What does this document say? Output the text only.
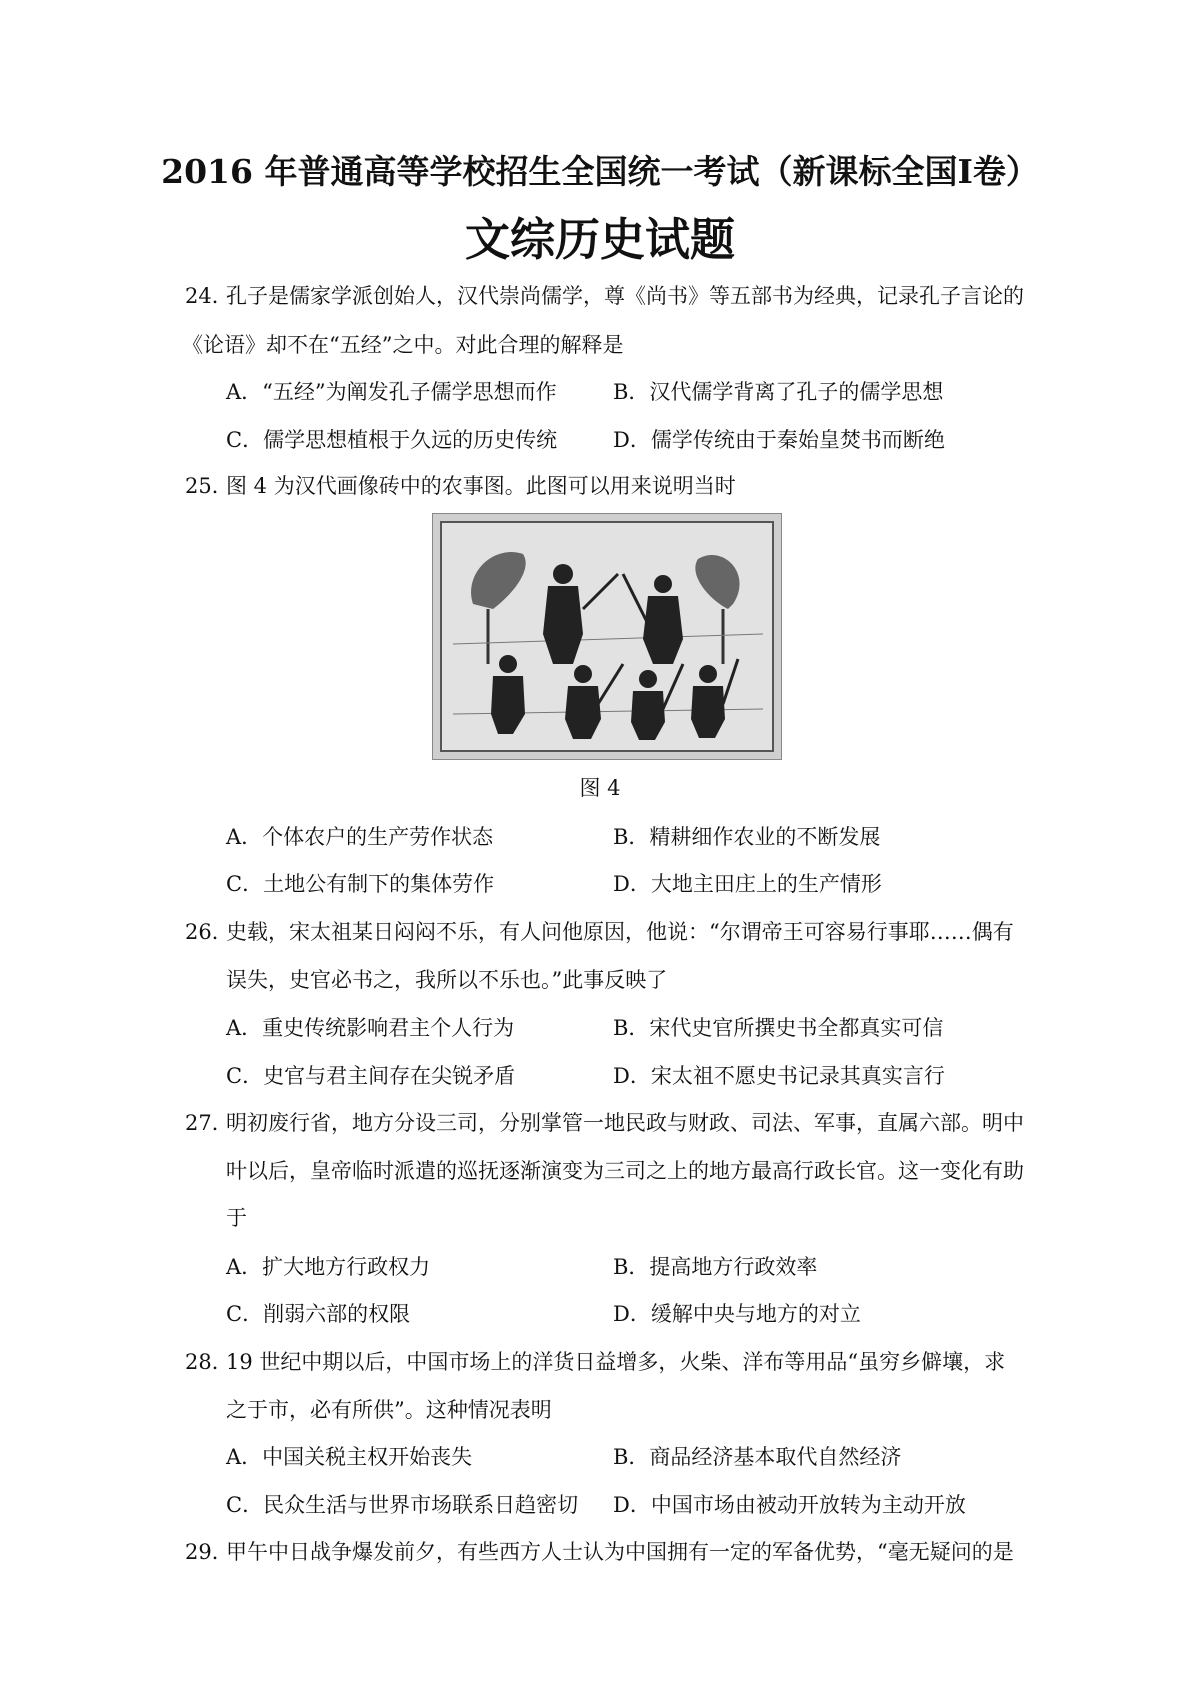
2016 年普通高等学校招生全国统一考试（新课标全国Ⅰ卷）
文综历史试题
24．
孔子是儒家学派创始人，汉代崇尚儒学，尊《尚书》等五部书为经典，记录孔子言论的
《论语》却不在“五经”之中。对此合理的解释是
A．“五经”为阐发孔子儒学思想而作	B．汉代儒学背离了孔子的儒学思想
C．儒学思想植根于久远的历史传统	D．儒学传统由于秦始皇焚书而断绝
25．
图 4 为汉代画像砖中的农事图。此图可以用来说明当时
图 4
A．个体农户的生产劳作状态	B．精耕细作农业的不断发展
C．土地公有制下的集体劳作	D．大地主田庄上的生产情形
26．
史载，宋太祖某日闷闷不乐，有人问他原因，他说：“尔谓帝王可容易行事耶……偶有
误失，史官必书之，我所以不乐也。”此事反映了
A．重史传统影响君主个人行为	B．宋代史官所撰史书全都真实可信
C．史官与君主间存在尖锐矛盾	D．宋太祖不愿史书记录其真实言行
27．
明初废行省，地方分设三司，分别掌管一地民政与财政、司法、军事，直属六部。明中
叶以后，皇帝临时派遣的巡抚逐渐演变为三司之上的地方最高行政长官。这一变化有助
于
A．扩大地方行政权力	B．提高地方行政效率
C．削弱六部的权限	D．缓解中央与地方的对立
28．
19 世纪中期以后，中国市场上的洋货日益增多，火柴、洋布等用品“虽穷乡僻壤，求
之于市，必有所供”。这种情况表明
A．中国关税主权开始丧失	B．商品经济基本取代自然经济
C．民众生活与世界市场联系日趋密切 D．中国市场由被动开放转为主动开放
29．
甲午中日战争爆发前夕，有些西方人士认为中国拥有一定的军备优势，“毫无疑问的是
